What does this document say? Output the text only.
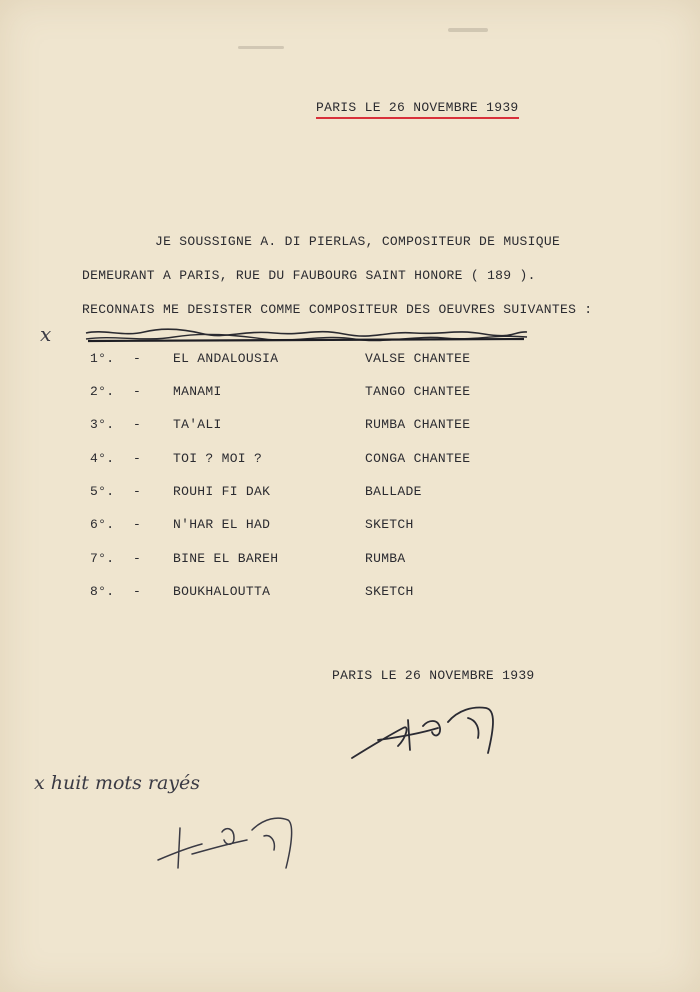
PARIS LE 26 NOVEMBRE 1939
JE SOUSSIGNE A. DI PIERLAS, COMPOSITEUR DE MUSIQUE
DEMEURANT A PARIS, RUE DU FAUBOURG SAINT HONORE ( 189 ).
RECONNAIS ME DESISTER COMME COMPOSITEUR DES OEUVRES SUIVANTES :
x
1°. - EL ANDALOUSIA	VALSE CHANTEE
2°. - MANAMI	TANGO CHANTEE
3°. - TA'ALI	RUMBA CHANTEE
4°. - TOI ? MOI ?	CONGA CHANTEE
5°. - ROUHI FI DAK	BALLADE
6°. - N'HAR EL HAD	SKETCH
7°. - BINE EL BAREH	RUMBA
8°. - BOUKHALOUTTA	SKETCH
PARIS LE 26 NOVEMBRE 1939
x huit mots rayés
